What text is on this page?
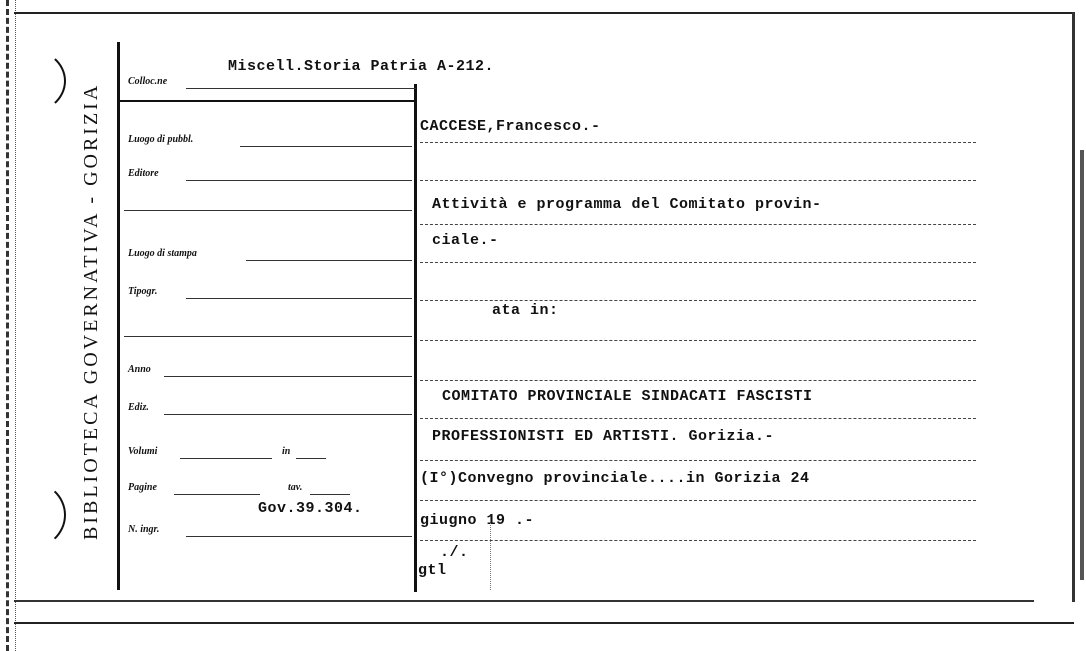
BIBLIOTECA GOVERNATIVA - GORIZIA
Colloc.ne
Luogo di pubbl.
Editore
Luogo di stampa
Tipogr.
Anno
Ediz.
Volumi	in
Pagine	tav.
N. ingr.
Miscell.Storia Patria A-212.
Gov.39.304.
CACCESE,Francesco.-
Attività e programma del Comitato provin-
ciale.-
ata in:
COMITATO PROVINCIALE SINDACATI FASCISTI
PROFESSIONISTI ED ARTISTI. Gorizia.-
(I°)Convegno provinciale....in Gorizia 24
giugno 19 .-
./.
gtl
